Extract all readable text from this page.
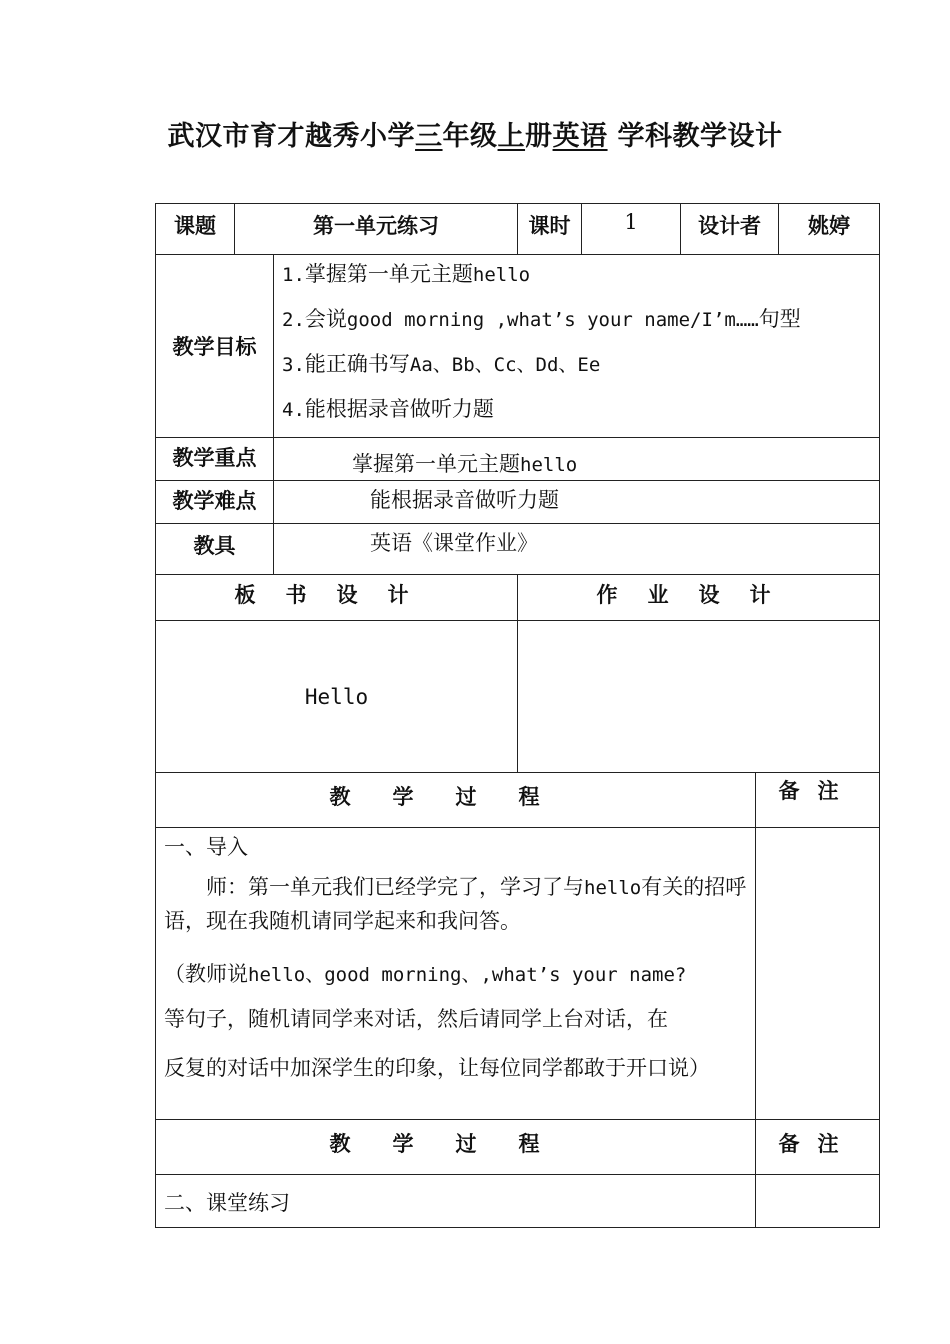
武汉市育才越秀小学三年级上册英语 学科教学设计
课题	第一单元练习		课时	1	设计者		姚婷
教学目标		1.掌握第一单元主题hello
2.会说good morning ,what’s your name/I’m……句型
3.能正确书写Aa、Bb、Cc、Dd、Ee
4.能根据录音做听力题					

教学重点		掌握第一单元主题hello					
教学难点		能根据录音做听力题					
教具		英语《课堂作业》					
板书设计			作业设计				
Hello							
教学过程						备注	

一、导入

师：第一单元我们已经学完了，学习了与hello有关的招呼语，现在我随机请同学起来和我问答。

（教师说hello、good morning、,what’s your name?
等句子，随机请同学来对话，然后请同学上台对话，在

反复的对话中加深学生的印象，让每位同学都敢于开口说）							

教学过程						备注	
二、课堂练习							
